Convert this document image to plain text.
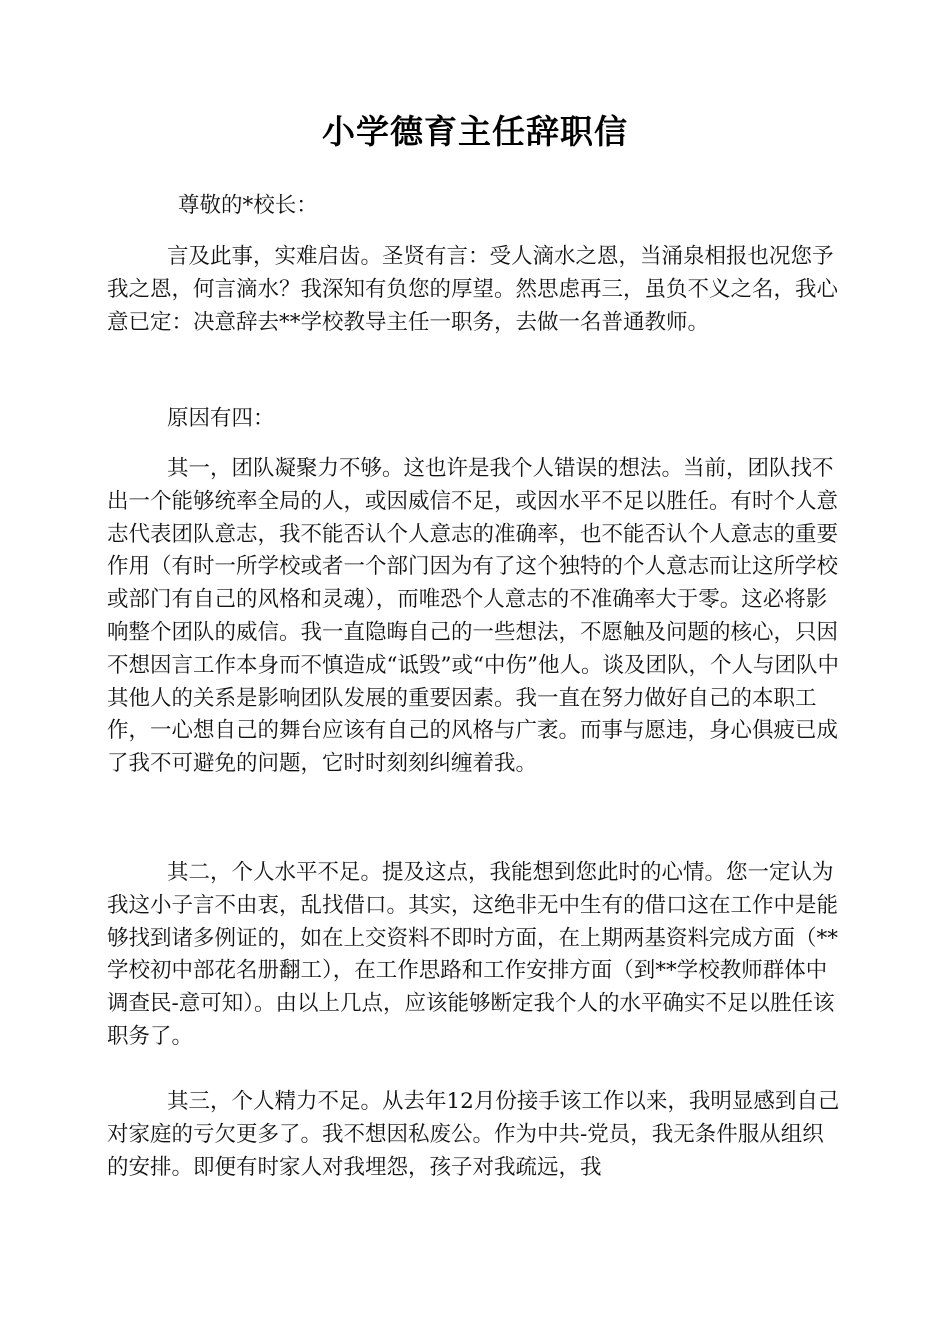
小学德育主任辞职信
尊敬的*校长：

言及此事，实难启齿。圣贤有言：受人滴水之恩，当涌泉相报也况您予我之恩，何言滴水？我深知有负您的厚望。然思虑再三，虽负不义之名，我心意已定：决意辞去**学校教导主任一职务，去做一名普通教师。

原因有四：

其一，团队凝聚力不够。这也许是我个人错误的想法。当前，团队找不出一个能够统率全局的人，或因威信不足，或因水平不足以胜任。有时个人意志代表团队意志，我不能否认个人意志的准确率，也不能否认个人意志的重要作用（有时一所学校或者一个部门因为有了这个独特的个人意志而让这所学校或部门有自己的风格和灵魂），而唯恐个人意志的不准确率大于零。这必将影响整个团队的威信。我一直隐晦自己的一些想法，不愿触及问题的核心，只因不想因言工作本身而不慎造成“诋毁”或“中伤”他人。谈及团队，个人与团队中其他人的关系是影响团队发展的重要因素。我一直在努力做好自己的本职工作，一心想自己的舞台应该有自己的风格与广袤。而事与愿违，身心俱疲已成了我不可避免的问题，它时时刻刻纠缠着我。

其二，个人水平不足。提及这点，我能想到您此时的心情。您一定认为我这小子言不由衷，乱找借口。其实，这绝非无中生有的借口这在工作中是能够找到诸多例证的，如在上交资料不即时方面，在上期两基资料完成方面（**学校初中部花名册翻工），在工作思路和工作安排方面（到**学校教师群体中调查民-意可知）。由以上几点，应该能够断定我个人的水平确实不足以胜任该职务了。

其三，个人精力不足。从去年12月份接手该工作以来，我明显感到自己对家庭的亏欠更多了。我不想因私废公。作为中共-党员，我无条件服从组织的安排。即便有时家人对我埋怨，孩子对我疏远，我
